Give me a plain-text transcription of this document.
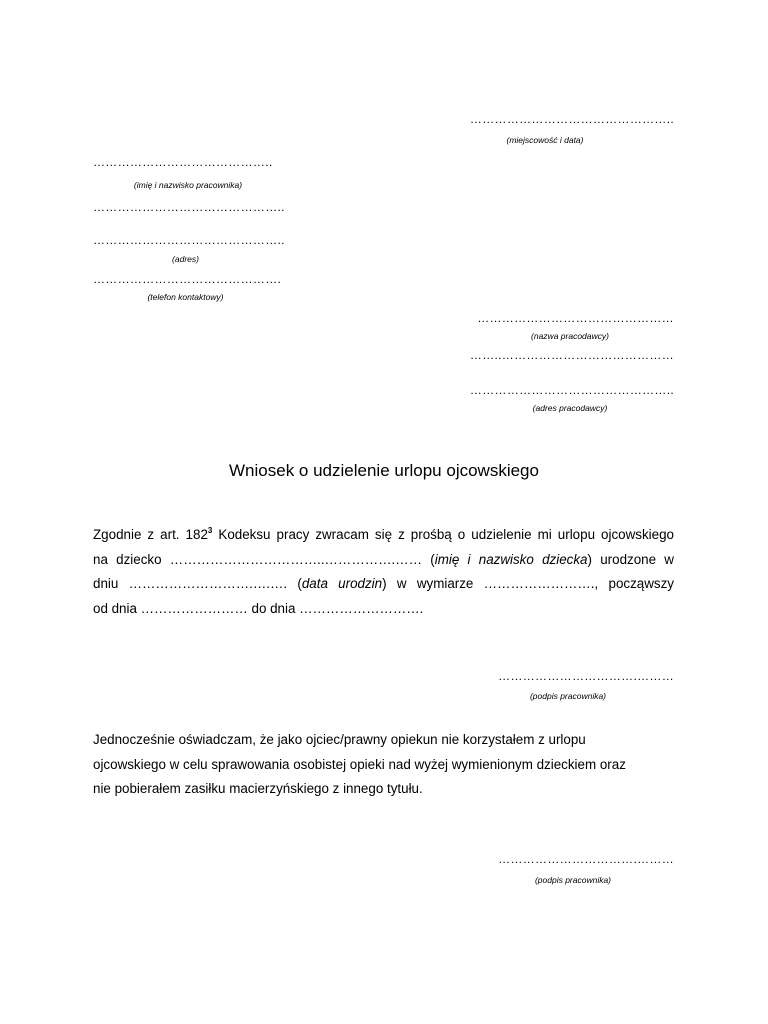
…………………………………………..
(miejscowość i data)
……………………………………..
(imię i nazwisko pracownika)
………………………………………..
………………………………………..
(adres)
……………………………………….
(telefon kontaktowy)
…………………………………………
(nazwa pracodawcy)
……..……………………………………
…………………………………………..
(adres pracodawcy)
Wniosek o udzielenie urlopu ojcowskiego
Zgodnie z art. $182^3$ Kodeksu pracy zwracam się z prośbą o udzielenie mi urlopu ojcowskiego
na dziecko ……………………………..…………….…… (imię i nazwisko dziecka) urodzone w
dniu ……………………….….…. (data urodzin) w wymiarze ……………………., począwszy
od dnia …………………… do dnia ……………………….
…………………………….………
(podpis pracownika)
Jednocześnie oświadczam, że jako ojciec/prawny opiekun nie korzystałem z urlopu
ojcowskiego w celu sprawowania osobistej opieki nad wyżej wymienionym dzieckiem oraz
nie pobierałem zasiłku macierzyńskiego z innego tytułu.
…………………………….………
(podpis pracownika)
